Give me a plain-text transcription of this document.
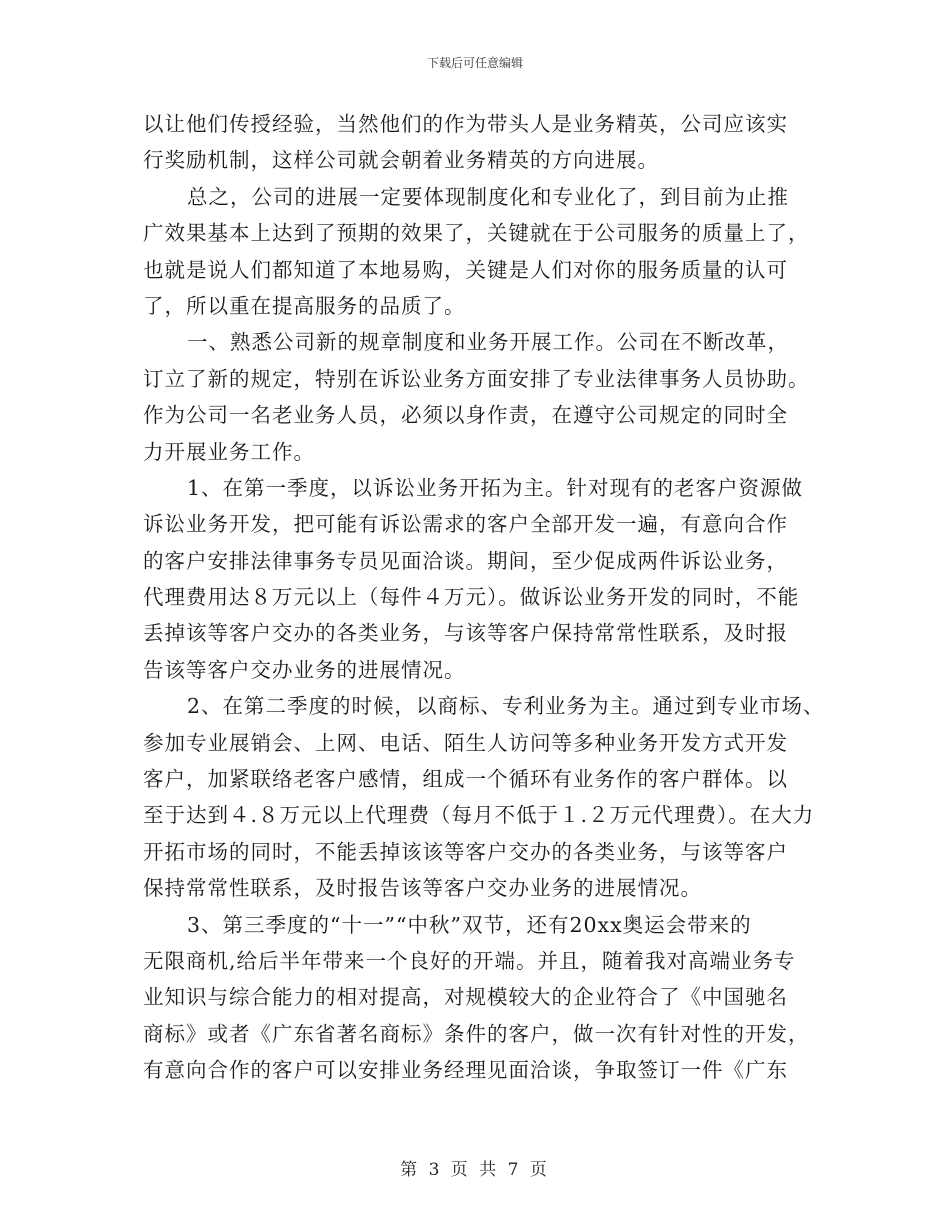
下载后可任意编辑
以让他们传授经验，当然他们的作为带头人是业务精英，公司应该实
行奖励机制，这样公司就会朝着业务精英的方向进展。
总之，公司的进展一定要体现制度化和专业化了，到目前为止推
广效果基本上达到了预期的效果了，关键就在于公司服务的质量上了，
也就是说人们都知道了本地易购，关键是人们对你的服务质量的认可
了，所以重在提高服务的品质了。
一、熟悉公司新的规章制度和业务开展工作。公司在不断改革，
订立了新的规定，特别在诉讼业务方面安排了专业法律事务人员协助。
作为公司一名老业务人员，必须以身作责，在遵守公司规定的同时全
力开展业务工作。
1、在第一季度，以诉讼业务开拓为主。针对现有的老客户资源做
诉讼业务开发，把可能有诉讼需求的客户全部开发一遍，有意向合作
的客户安排法律事务专员见面洽谈。期间，至少促成两件诉讼业务，
代理费用达８万元以上（每件４万元）。做诉讼业务开发的同时，不能
丢掉该等客户交办的各类业务，与该等客户保持常常性联系，及时报
告该等客户交办业务的进展情况。
2、在第二季度的时候，以商标、专利业务为主。通过到专业市场、
参加专业展销会、上网、电话、陌生人访问等多种业务开发方式开发
客户，加紧联络老客户感情，组成一个循环有业务作的客户群体。以
至于达到４.８万元以上代理费（每月不低于１.２万元代理费）。在大力
开拓市场的同时，不能丢掉该该等客户交办的各类业务，与该等客户
保持常常性联系，及时报告该等客户交办业务的进展情况。
3、第三季度的“十一”“中秋”双节，还有20xx奥运会带来的
无限商机,给后半年带来一个良好的开端。并且，随着我对高端业务专
业知识与综合能力的相对提高，对规模较大的企业符合了《中国驰名
商标》或者《广东省著名商标》条件的客户，做一次有针对性的开发，
有意向合作的客户可以安排业务经理见面洽谈，争取签订一件《广东
第 3 页 共 7 页
